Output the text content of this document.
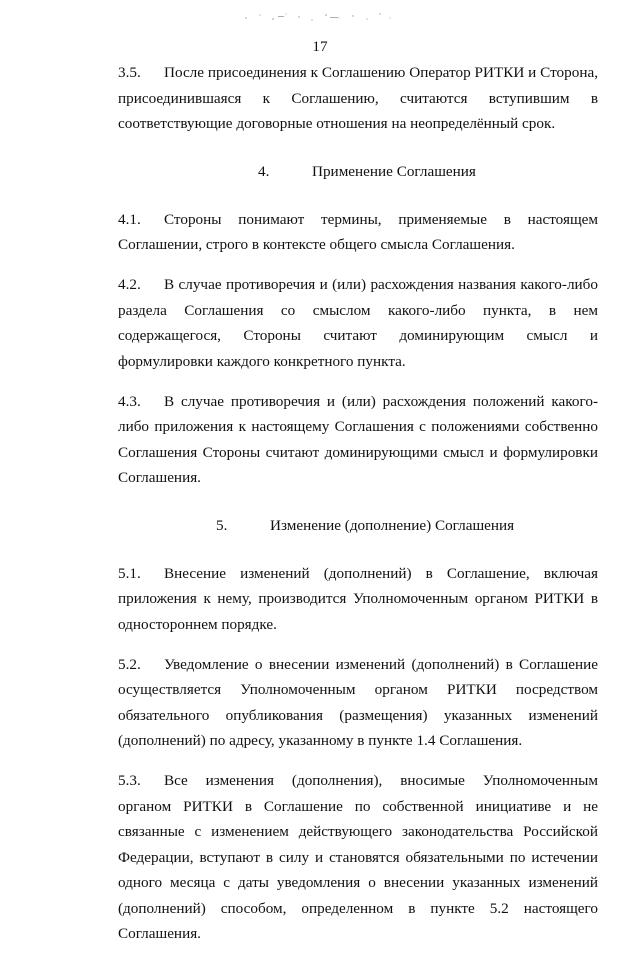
17

3.5. После присоединения к Соглашению Оператор РИТКИ и Сторона, присоединившаяся к Соглашению, считаются вступившим в соответствующие договорные отношения на неопределённый срок.

4.	Применение Соглашения

4.1. Стороны понимают термины, применяемые в настоящем Соглашении, строго в контексте общего смысла Соглашения.

4.2. В случае противоречия и (или) расхождения названия какого-либо раздела Соглашения со смыслом какого-либо пункта, в нем содержащегося, Стороны считают доминирующим смысл и формулировки каждого конкретного пункта.

4.3. В случае противоречия и (или) расхождения положений какого-либо приложения к настоящему Соглашения с положениями собственно Соглашения Стороны считают доминирующими смысл и формулировки Соглашения.

5.	Изменение (дополнение) Соглашения

5.1. Внесение изменений (дополнений) в Соглашение, включая приложения к нему, производится Уполномоченным органом РИТКИ в одностороннем порядке.

5.2. Уведомление о внесении изменений (дополнений) в Соглашение осуществляется Уполномоченным органом РИТКИ посредством обязательного опубликования (размещения) указанных изменений (дополнений) по адресу, указанному в пункте 1.4 Соглашения.

5.3. Все изменения (дополнения), вносимые Уполномоченным органом РИТКИ в Соглашение по собственной инициативе и не связанные с изменением действующего законодательства Российской Федерации, вступают в силу и становятся обязательными по истечении одного месяца с даты уведомления о внесении указанных изменений (дополнений) способом, определенном в пункте 5.2 настоящего Соглашения.
